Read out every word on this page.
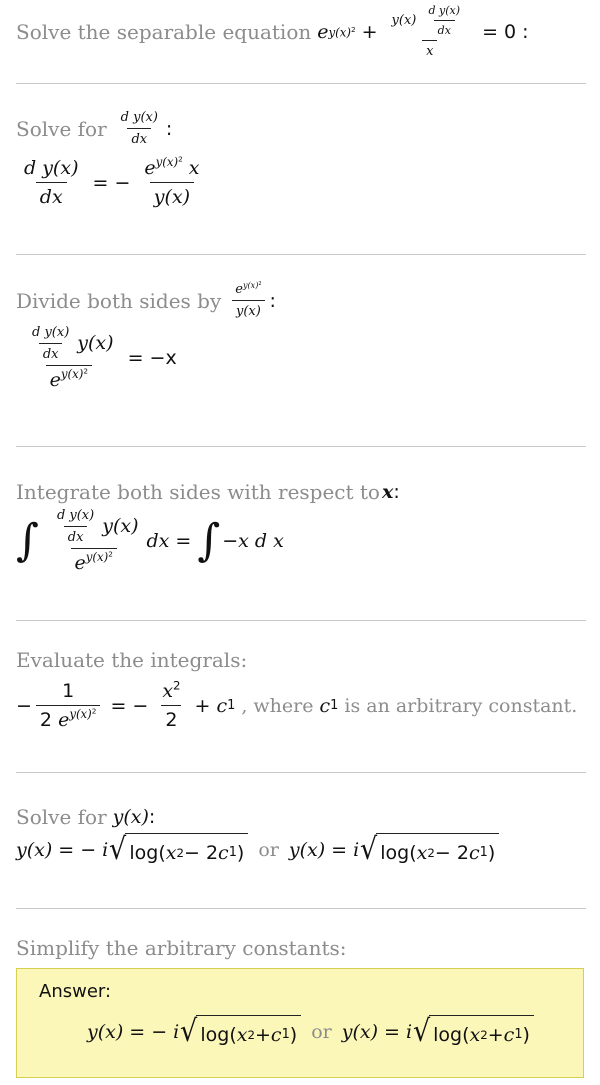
Solve the separable equation e $y(x)^2 + \frac{y(x) \frac{\text{d y(x)}}{dx}}{x} = 0$ :
Solve for $\frac{\text{d y(x)}}{dx}$ :
$\frac{\text{d y(x)}}{dx}$ = − $\frac{e^{y(x)^2} x}{y(x)}$
Divide both sides by $\frac{e^{y(x)^2}}{y(x)}$ :
$\frac{\frac{\text{d y(x)}}{dx} y(x)}{e^{y(x)^2}} = -x$
Integrate both sides with respect to x :
∫ $\frac{\frac{\text{d y(x)}}{dx} y(x)}{e^{y(x)^2}}$ dx = ∫ − x d x
Evaluate the integrals:
− $\frac{1}{2 e^{y(x)^2}}$ = − $\frac{x^2}{2} + c$ 1 , where c 1 is an arbitrary constant.
Solve for y(x) :
y(x) = − i √ log ( x 2 − 2 c 1 ) or y(x) = i √ log ( x 2 − 2 c 1 )
Simplify the arbitrary constants:
Answer:
y(x) = − i √ log ( x 2 + c 1 ) or y(x) = i √ log ( x 2 + c 1 )
